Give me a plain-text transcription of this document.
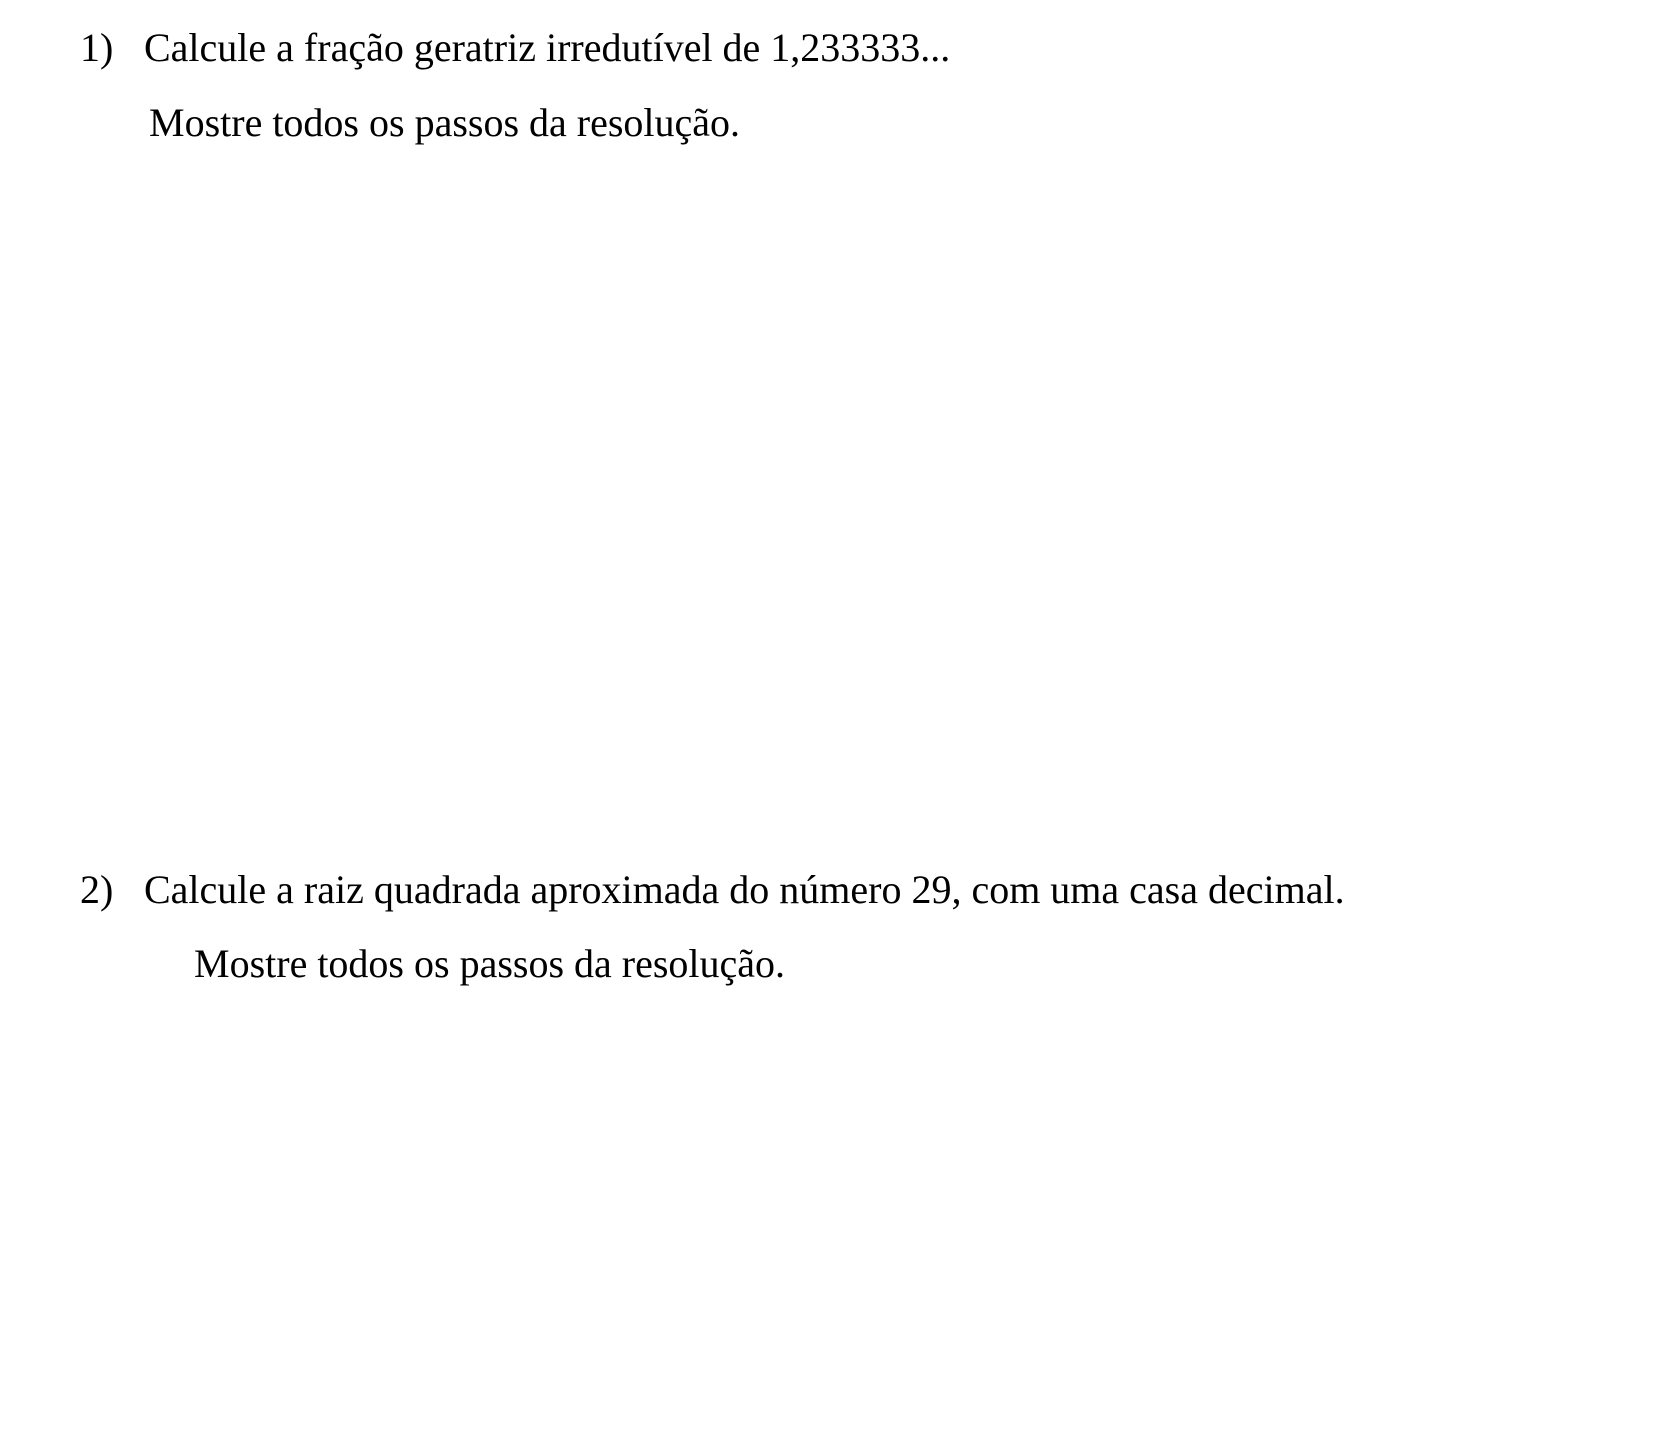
1) Calcule a fração geratriz irredutível de 1,233333...
Mostre todos os passos da resolução.
2) Calcule a raiz quadrada aproximada do número 29, com uma casa decimal.
Mostre todos os passos da resolução.
